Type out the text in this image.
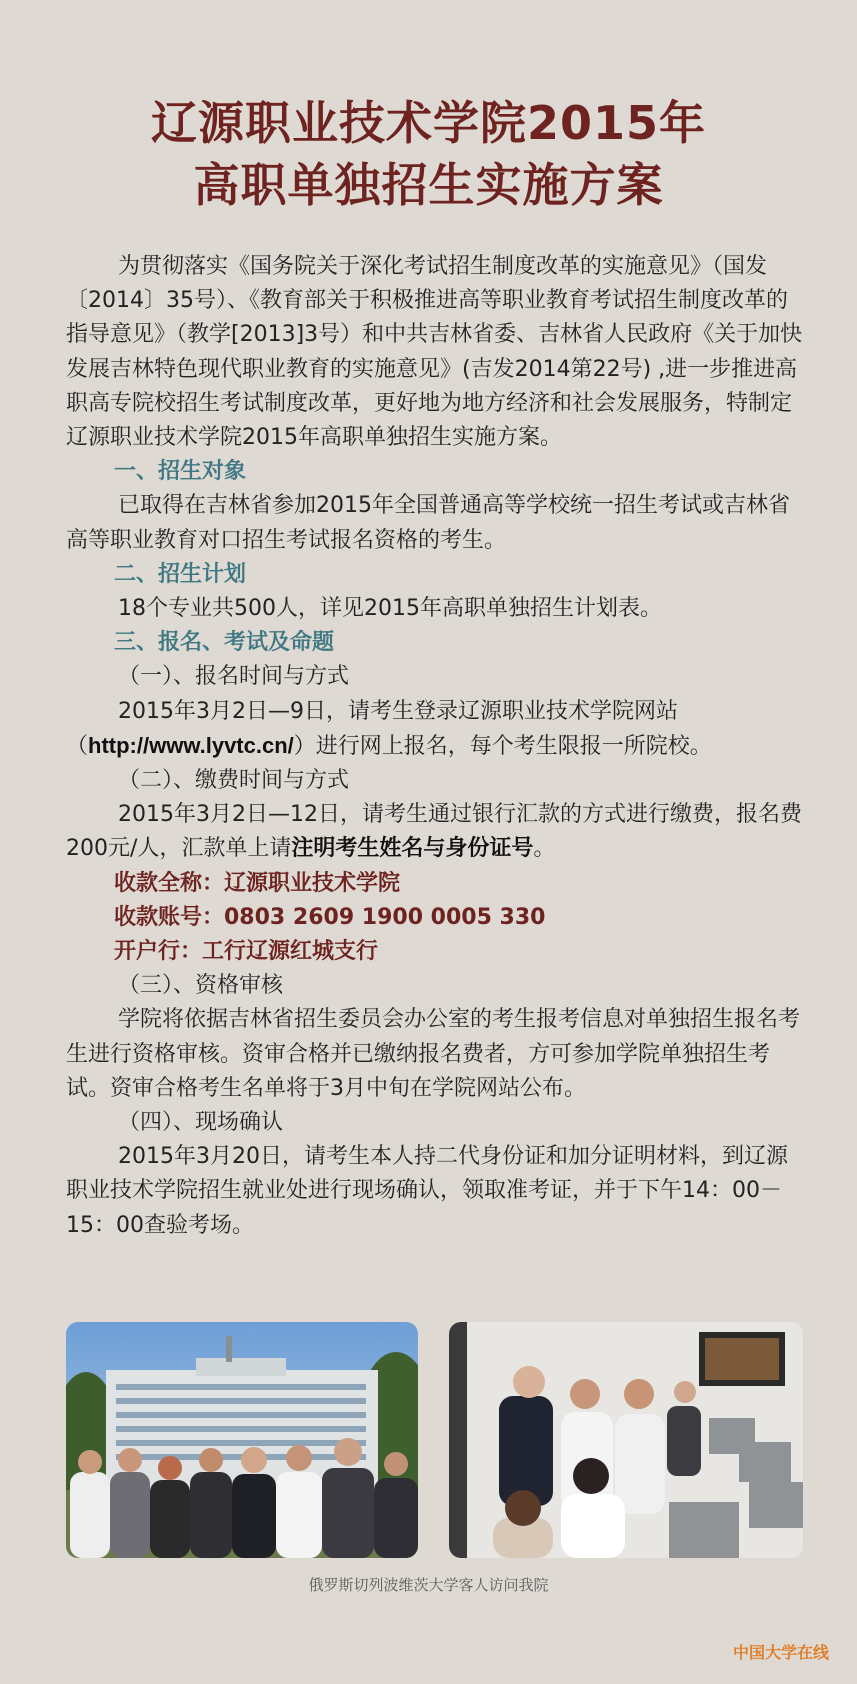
辽源职业技术学院2015年
高职单独招生实施方案

为贯彻落实《国务院关于深化考试招生制度改革的实施意见》（国发〔2014〕35号）、《教育部关于积极推进高等职业教育考试招生制度改革的指导意见》（教学[2013]3号）和中共吉林省委、吉林省人民政府《关于加快发展吉林特色现代职业教育的实施意见》(吉发2014第22号) ,进一步推进高职高专院校招生考试制度改革，更好地为地方经济和社会发展服务，特制定辽源职业技术学院2015年高职单独招生实施方案。

一、招生对象

已取得在吉林省参加2015年全国普通高等学校统一招生考试或吉林省高等职业教育对口招生考试报名资格的考生。

二、招生计划

18个专业共500人，详见2015年高职单独招生计划表。

三、报名、考试及命题

（一）、报名时间与方式

2015年3月2日—9日，请考生登录辽源职业技术学院网站（http://www.lyvtc.cn/）进行网上报名，每个考生限报一所院校。

（二）、缴费时间与方式

2015年3月2日—12日，请考生通过银行汇款的方式进行缴费，报名费200元/人，汇款单上请注明考生姓名与身份证号。

收款全称：辽源职业技术学院

收款账号：0803 2609 1900 0005 330

开户行：工行辽源红城支行

（三）、资格审核

学院将依据吉林省招生委员会办公室的考生报考信息对单独招生报名考生进行资格审核。资审合格并已缴纳报名费者，方可参加学院单独招生考试。资审合格考生名单将于3月中旬在学院网站公布。

（四）、现场确认

2015年3月20日，请考生本人持二代身份证和加分证明材料，到辽源职业技术学院招生就业处进行现场确认，领取准考证，并于下午14：00－15：00查验考场。

俄罗斯切列波维茨大学客人访问我院
中国大学在线
